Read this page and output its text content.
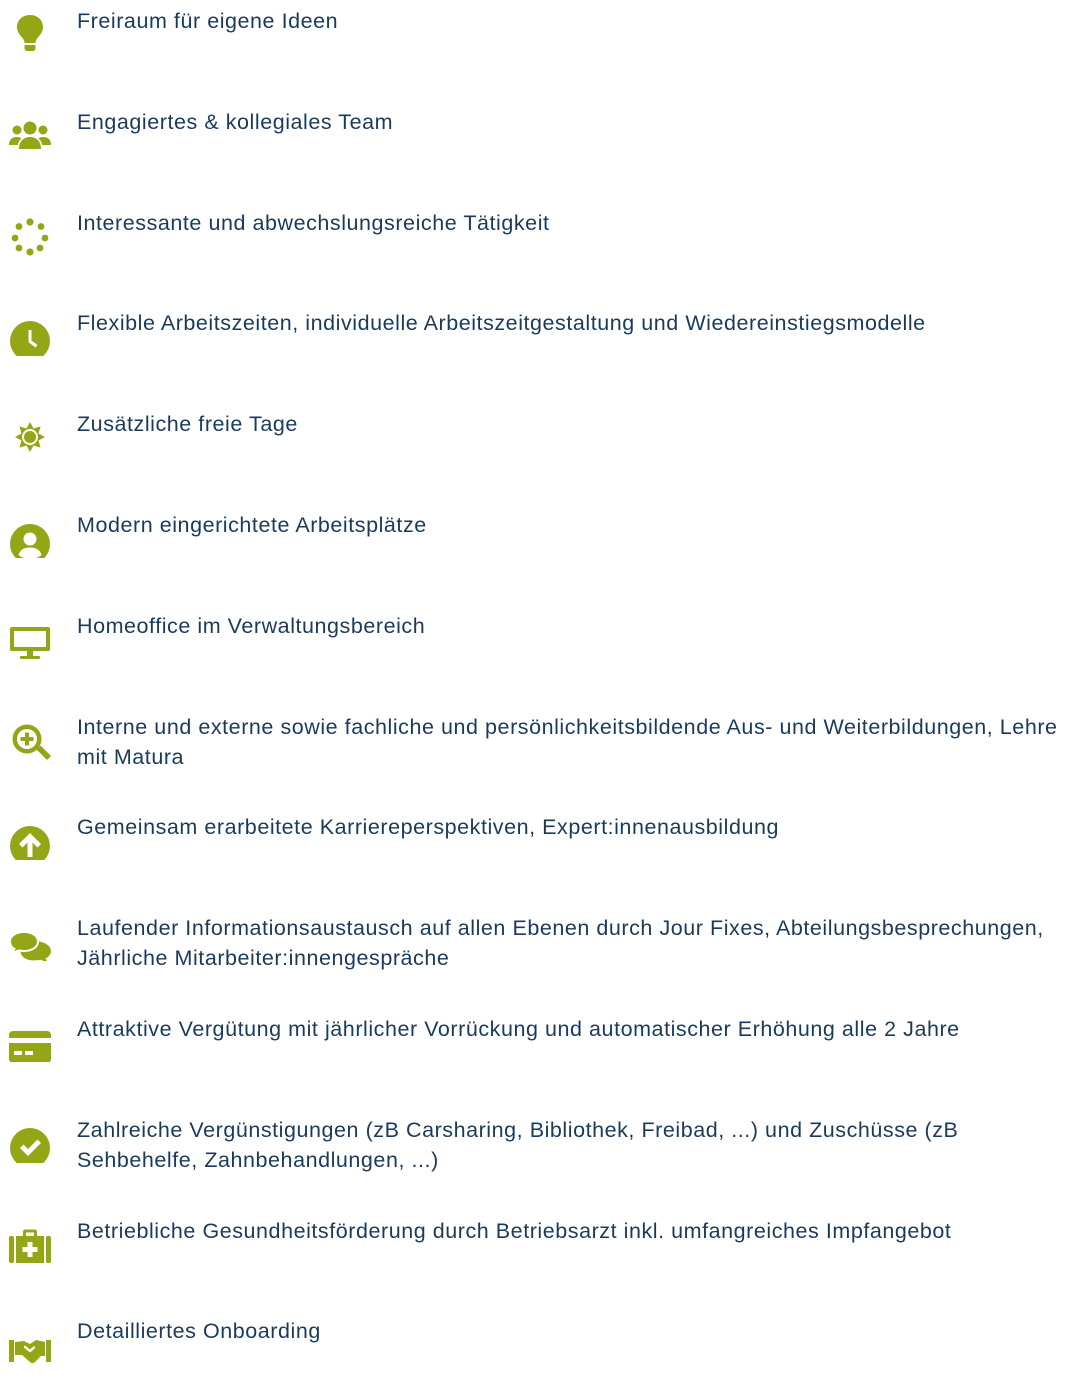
Freiraum für eigene Ideen
Engagiertes & kollegiales Team
Interessante und abwechslungsreiche Tätigkeit
Flexible Arbeitszeiten, individuelle Arbeitszeitgestaltung und Wiedereinstiegsmodelle
Zusätzliche freie Tage
Modern eingerichtete Arbeitsplätze
Homeoffice im Verwaltungsbereich
Interne und externe sowie fachliche und persönlichkeitsbildende Aus- und Weiterbildungen, Lehre mit Matura
Gemeinsam erarbeitete Karriereperspektiven, Expert:innenausbildung
Laufender Informationsaustausch auf allen Ebenen durch Jour Fixes, Abteilungsbesprechungen, Jährliche Mitarbeiter:innengespräche
Attraktive Vergütung mit jährlicher Vorrückung und automatischer Erhöhung alle 2 Jahre
Zahlreiche Vergünstigungen (zB Carsharing, Bibliothek, Freibad, ...) und Zuschüsse (zB Sehbehelfe, Zahnbehandlungen, ...)
Betriebliche Gesundheitsförderung durch Betriebsarzt inkl. umfangreiches Impfangebot
Detailliertes Onboarding
